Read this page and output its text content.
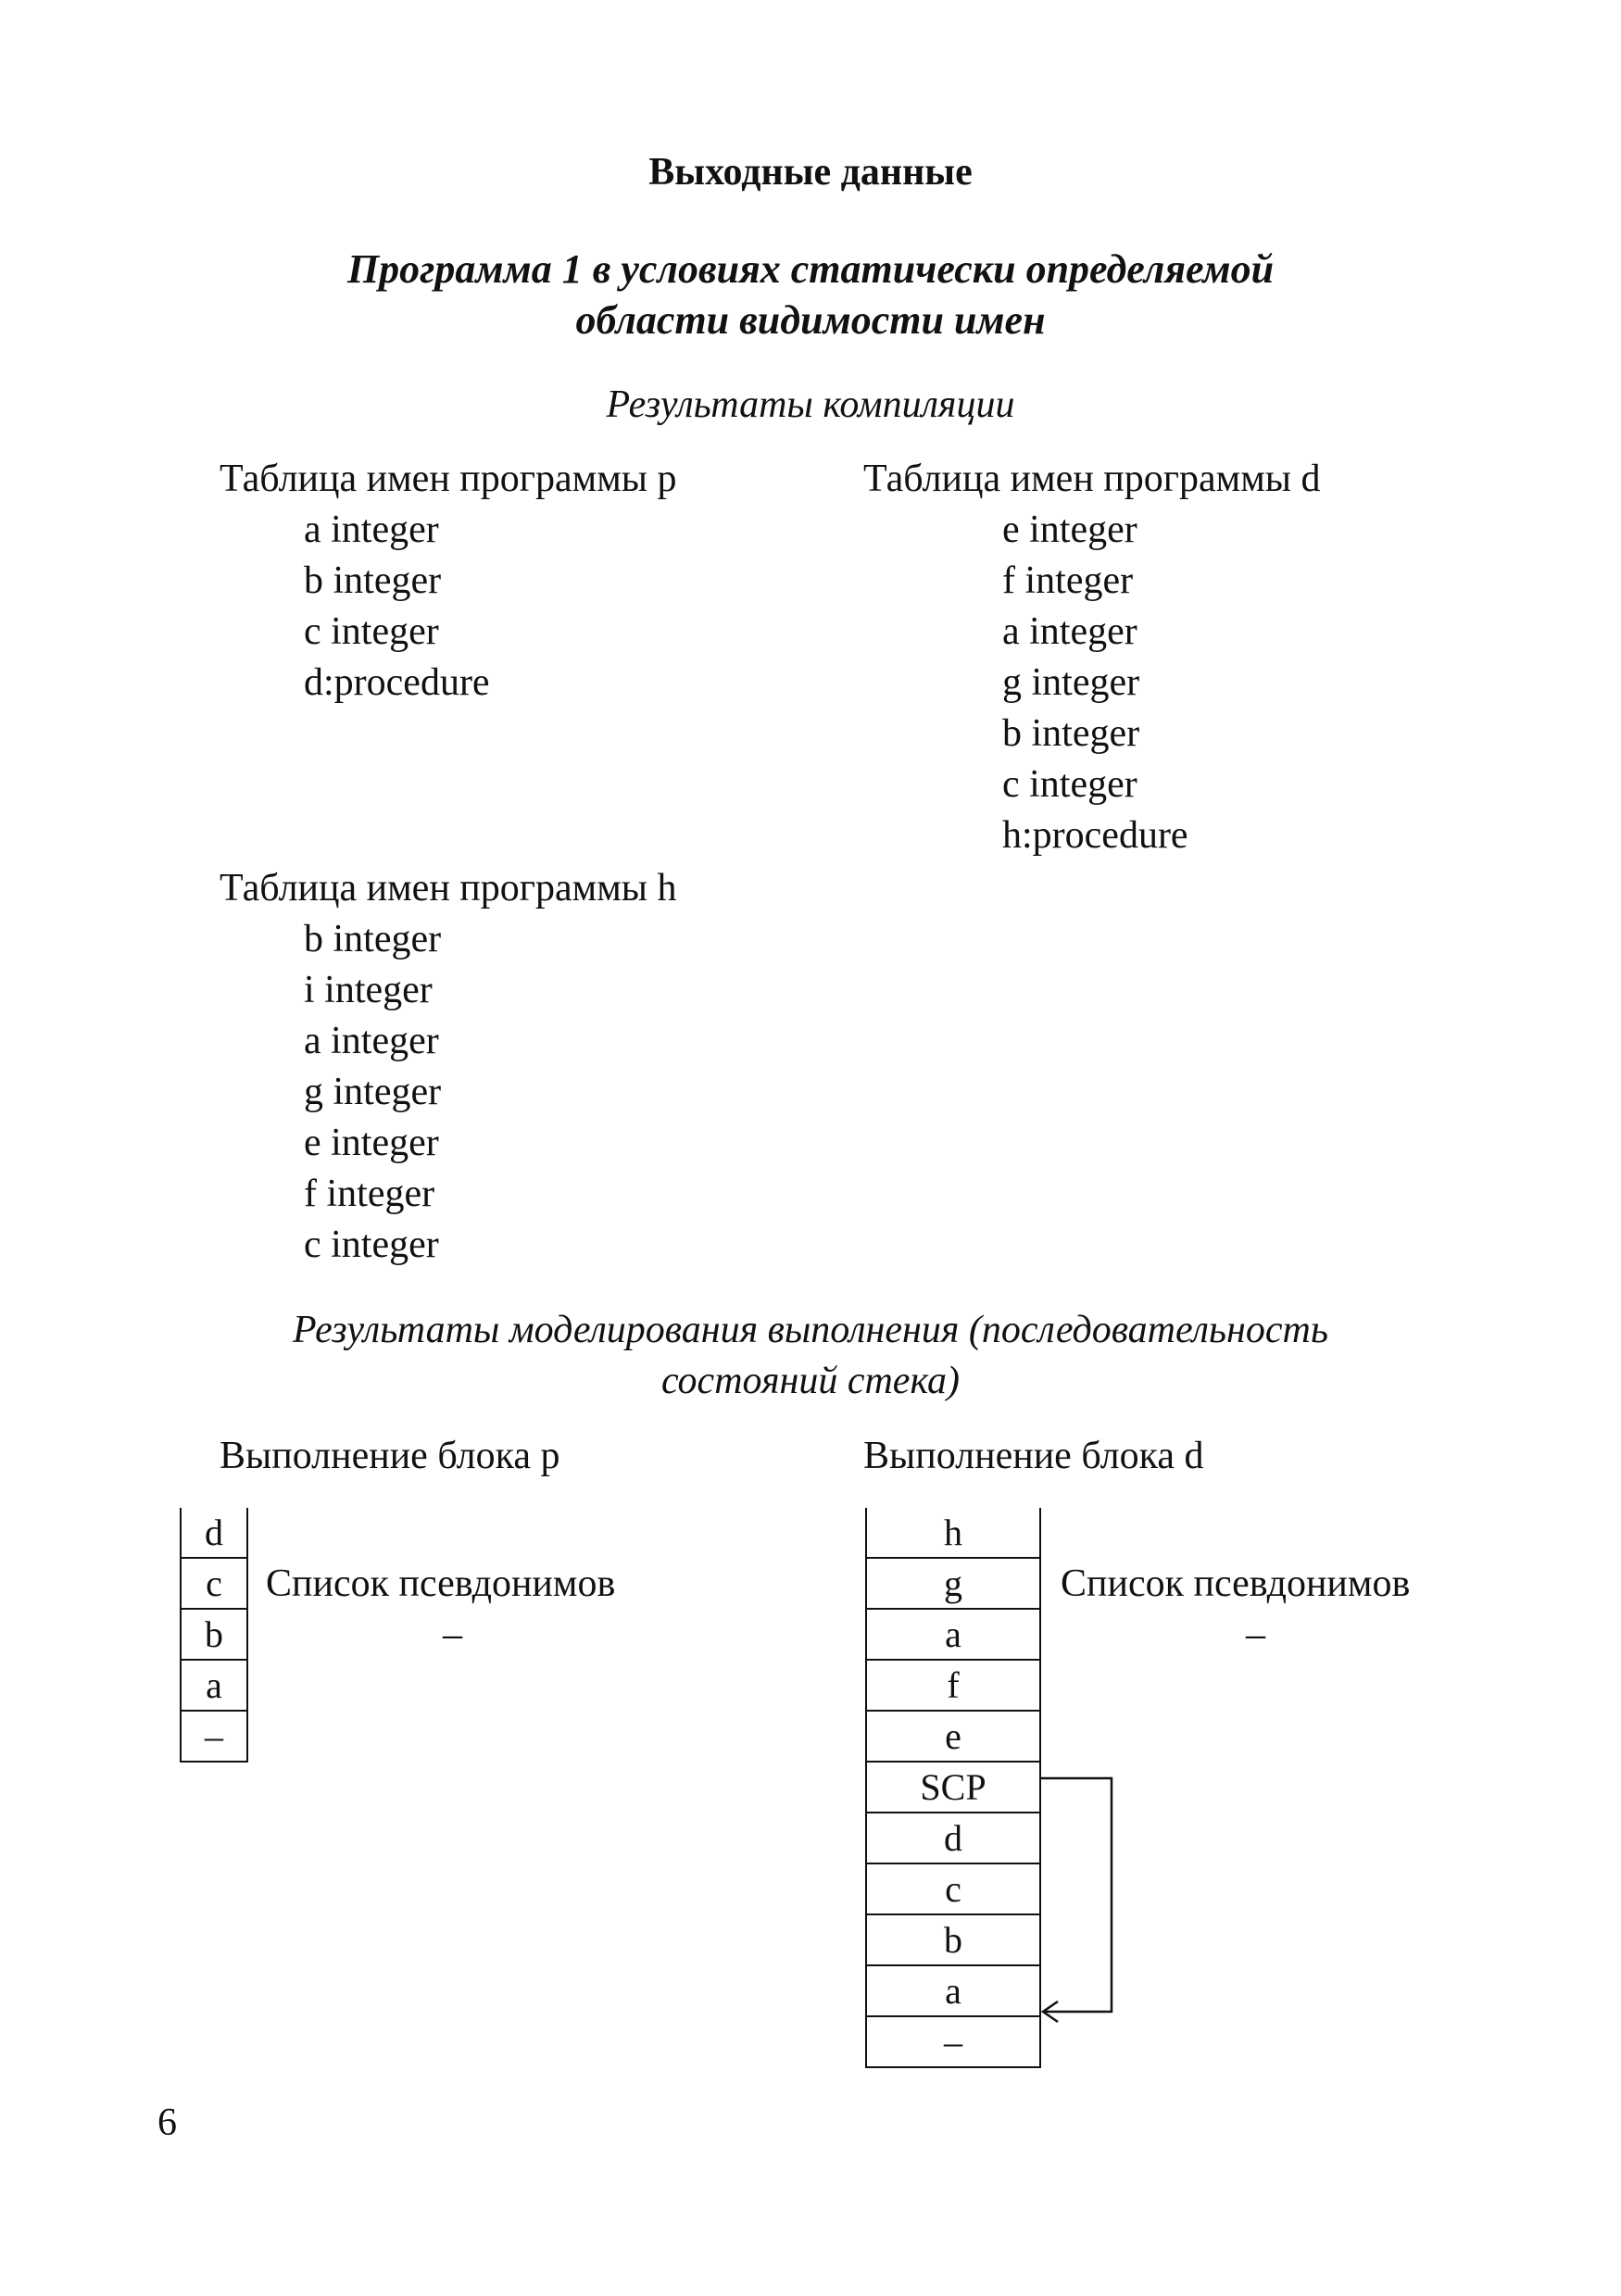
Выходные данные
Программа 1 в условиях статически определяемой
области видимости имен
Результаты компиляции
Таблица имен программы p
a integer
b integer
c integer
d:procedure
Таблица имен программы d
e integer
f integer
a integer
g integer
b integer
c integer
h:procedure
Таблица имен программы h
b integer
i integer
a integer
g integer
e integer
f integer
c integer
Результаты моделирования выполнения (последовательность
состояний стека)
Выполнение блока p
d
c
b
a
–
Список псевдонимов
–
Выполнение блока d
h
g
a
f
e
SCP
d
c
b
a
–
Список псевдонимов
–
6
